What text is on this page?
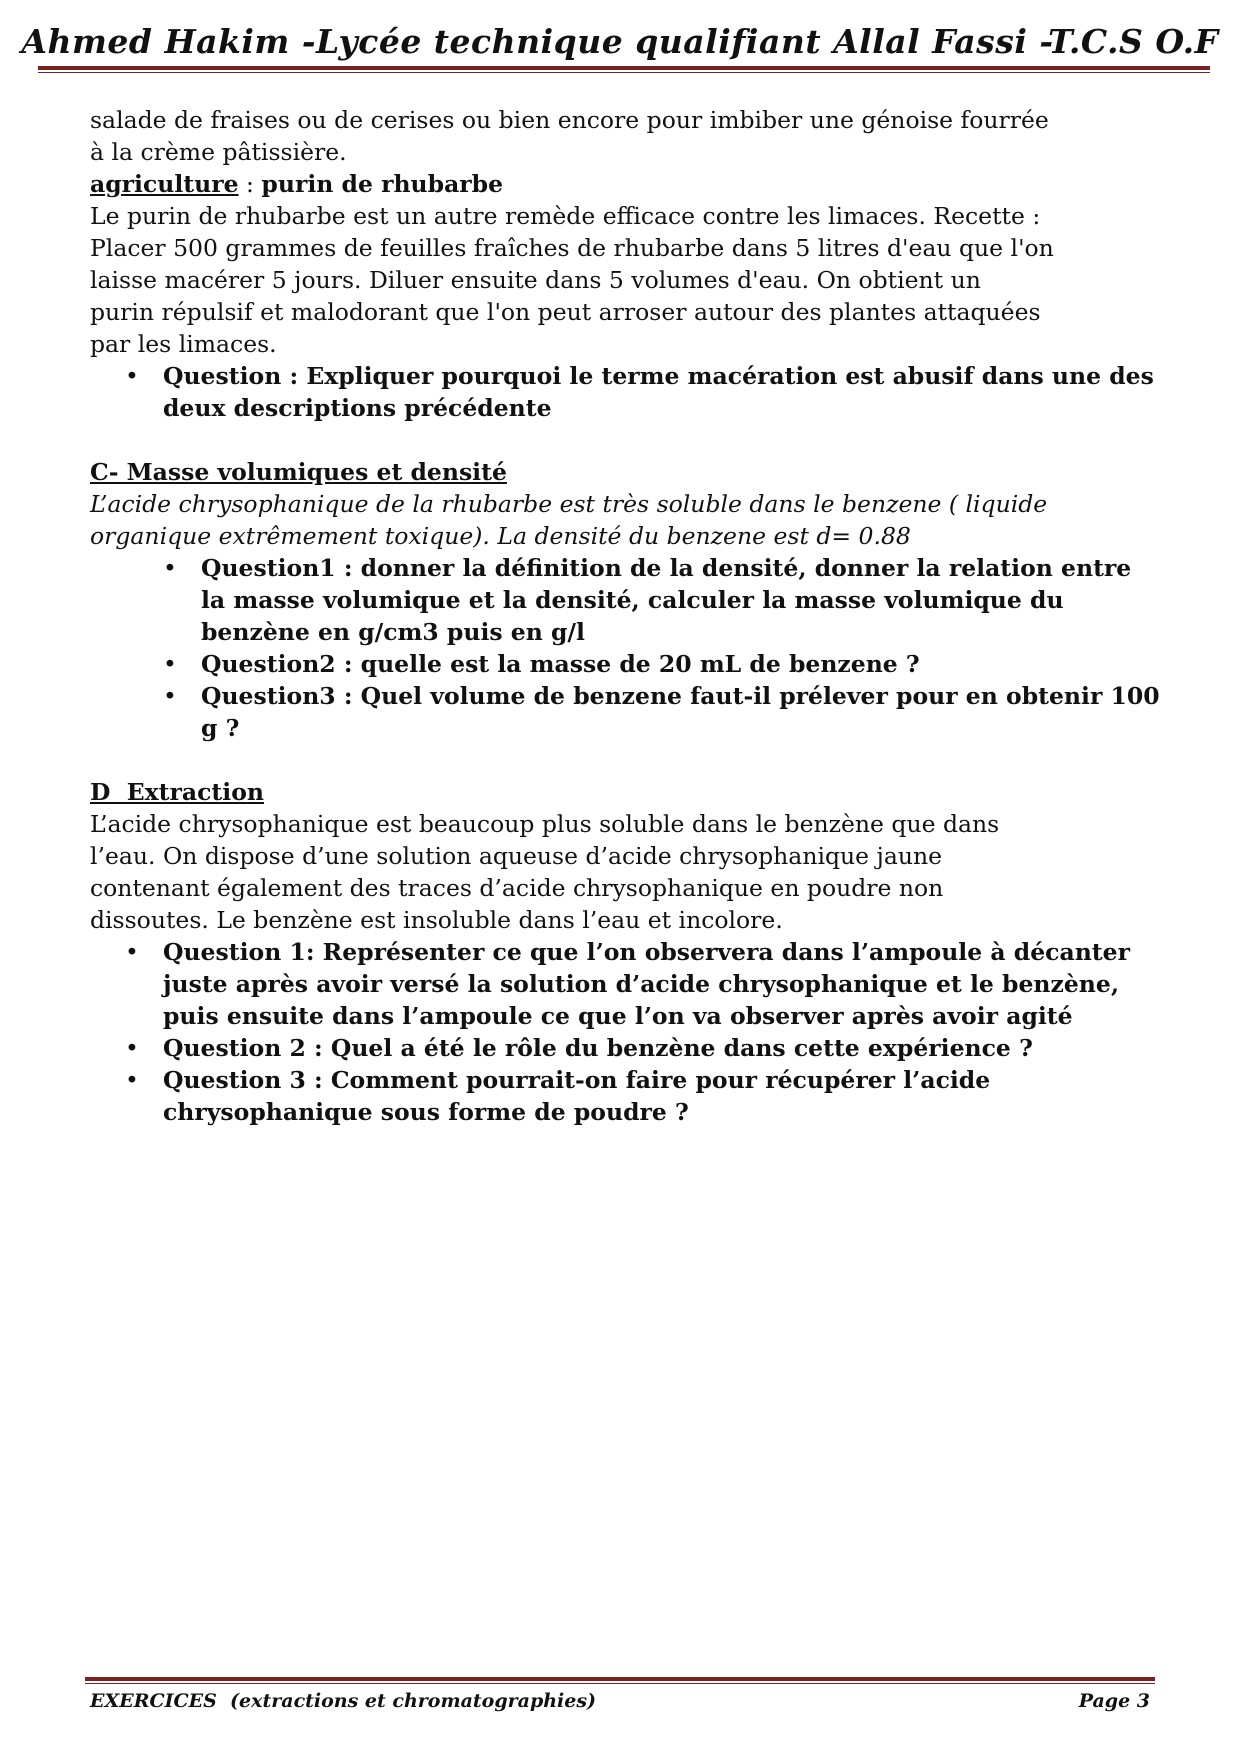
Ahmed Hakim -Lycée technique qualifiant Allal Fassi -T.C.S O.F

salade de fraises ou de cerises ou bien encore pour imbiber une génoise fourrée

à la crème pâtissière.

agriculture : purin de rhubarbe

Le purin de rhubarbe est un autre remède efficace contre les limaces. Recette :

Placer 500 grammes de feuilles fraîches de rhubarbe dans 5 litres d'eau que l'on

laisse macérer 5 jours. Diluer ensuite dans 5 volumes d'eau. On obtient un

purin répulsif et malodorant que l'on peut arroser autour des plantes attaquées

par les limaces.

• Question : Expliquer pourquoi le terme macération est abusif dans une des deux descriptions précédente

C- Masse volumiques et densité

L’acide chrysophanique de la rhubarbe est très soluble dans le benzene ( liquide

organique extrêmement toxique). La densité du benzene est d= 0.88

• Question1 : donner la définition de la densité, donner la relation entre la masse volumique et la densité, calculer la masse volumique du benzène en g/cm3 puis en g/l
• Question2 : quelle est la masse de 20 mL de benzene ?
• Question3 : Quel volume de benzene faut-il prélever pour en obtenir 100 g ?

D  Extraction

L’acide chrysophanique est beaucoup plus soluble dans le benzène que dans

l’eau. On dispose d’une solution aqueuse d’acide chrysophanique jaune

contenant également des traces d’acide chrysophanique en poudre non

dissoutes. Le benzène est insoluble dans l’eau et incolore.

• Question 1: Représenter ce que l’on observera dans l’ampoule à décanter juste après avoir versé la solution d’acide chrysophanique et le benzène, puis ensuite dans l’ampoule ce que l’on va observer après avoir agité
• Question 2 : Quel a été le rôle du benzène dans cette expérience ?
• Question 3 : Comment pourrait-on faire pour récupérer l’acide chrysophanique sous forme de poudre ?
EXERCICES  (extractions et chromatographies)	Page 3
